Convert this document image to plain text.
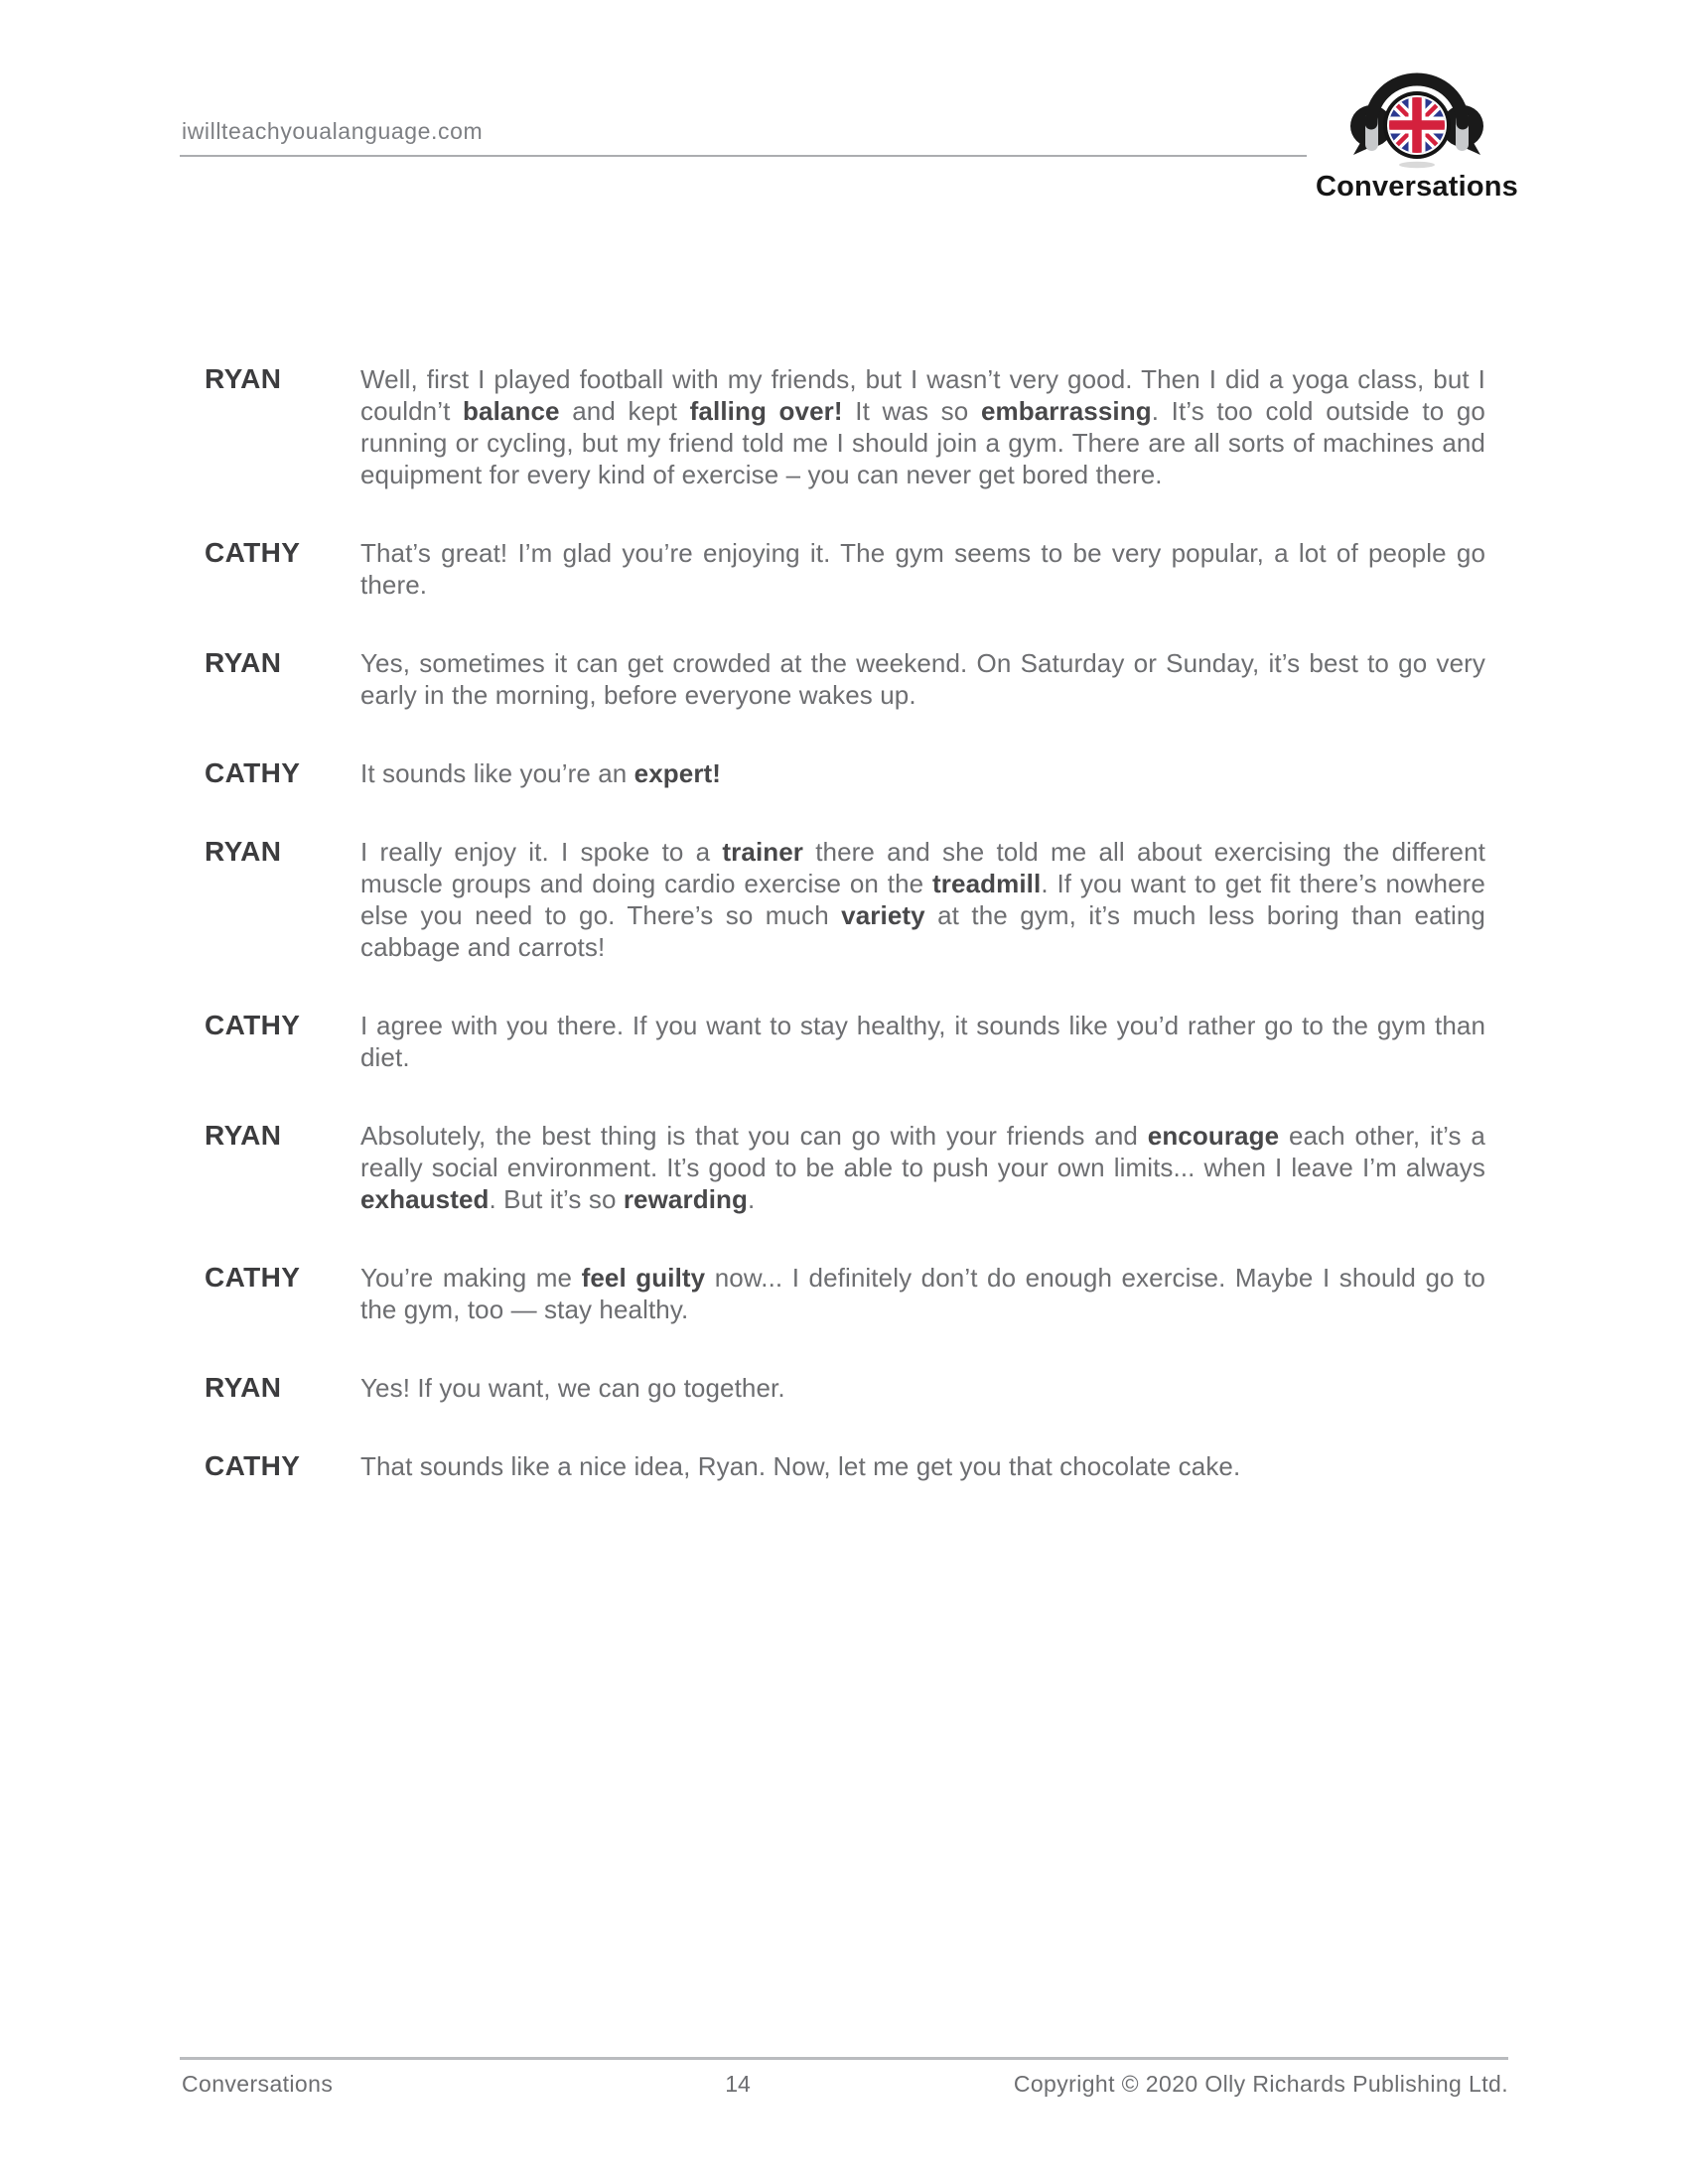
iwillteachyoualanguage.com
Conversations
RYAN	Well, first I played football with my friends, but I wasn’t very good. Then I did a yoga class, but I couldn’t balance and kept falling over! It was so embarrassing. It’s too cold outside to go running or cycling, but my friend told me I should join a gym. There are all sorts of machines and equipment for every kind of exercise – you can never get bored there.

CATHY	That’s great! I’m glad you’re enjoying it. The gym seems to be very popular, a lot of people go there.

RYAN	Yes, sometimes it can get crowded at the weekend. On Saturday or Sunday, it’s best to go very early in the morning, before everyone wakes up.

CATHY	It sounds like you’re an expert!

RYAN	I really enjoy it. I spoke to a trainer there and she told me all about exercising the different muscle groups and doing cardio exercise on the treadmill. If you want to get fit there’s nowhere else you need to go. There’s so much variety at the gym, it’s much less boring than eating cabbage and carrots!

CATHY	I agree with you there. If you want to stay healthy, it sounds like you’d rather go to the gym than diet.

RYAN	Absolutely, the best thing is that you can go with your friends and encourage each other, it’s a really social environment. It’s good to be able to push your own limits... when I leave I’m always exhausted. But it’s so rewarding.

CATHY	You’re making me feel guilty now... I definitely don’t do enough exercise. Maybe I should go to the gym, too — stay healthy.

RYAN	Yes! If you want, we can go together.

CATHY	That sounds like a nice idea, Ryan. Now, let me get you that chocolate cake.

Conversations	14	Copyright © 2020 Olly Richards Publishing Ltd.
